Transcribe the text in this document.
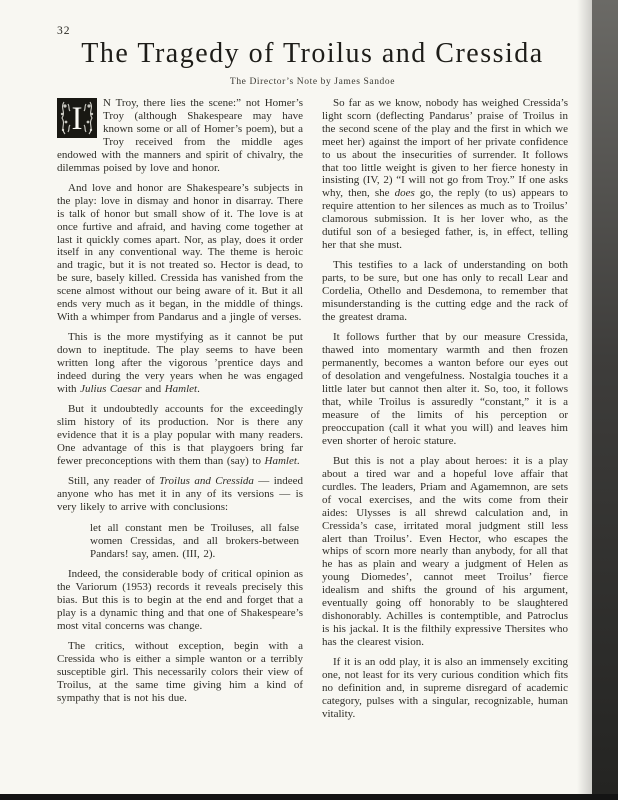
32
The Tragedy of Troilus and Cressida
The Director’s Note by James Sandoe

I N Troy, there lies the scene:” not Homer’s Troy (although Shakespeare may have known some or all of Homer’s poem), but a Troy received from the middle ages endowed with the manners and spirit of chivalry, the dilemmas poised by love and honor.

And love and honor are Shakespeare’s subjects in the play: love in dismay and honor in disarray. There is talk of honor but small show of it. The love is at once furtive and afraid, and having come together at last it quickly comes apart. Nor, as play, does it order itself in any conventional way. The theme is heroic and tragic, but it is not treated so. Hector is dead, to be sure, basely killed. Cressida has vanished from the scene almost without our being aware of it. But it all ends very much as it began, in the middle of things. With a whimper from Pandarus and a jingle of verses.

This is the more mystifying as it cannot be put down to ineptitude. The play seems to have been written long after the vigorous ’prentice days and indeed during the very years when he was engaged with Julius Caesar and Hamlet.

But it undoubtedly accounts for the exceedingly slim history of its production. Nor is there any evidence that it is a play popular with many readers. One advantage of this is that playgoers bring far fewer preconceptions with them than (say) to Hamlet.

Still, any reader of Troilus and Cressida — indeed anyone who has met it in any of its versions — is very likely to arrive with conclusions:

let all constant men be Troiluses, all false women Cressidas, and all brokers-between Pandars! say, amen. (III, 2).

Indeed, the considerable body of critical opinion as the Variorum (1953) records it reveals precisely this bias. But this is to begin at the end and forget that a play is a dynamic thing and that one of Shakespeare’s most vital concerns was change.

The critics, without exception, begin with a Cressida who is either a simple wanton or a terribly susceptible girl. This necessarily colors their view of Troilus, at the same time giving him a kind of sympathy that is not his due.

So far as we know, nobody has weighed Cressida’s light scorn (deflecting Pandarus’ praise of Troilus in the second scene of the play and the first in which we meet her) against the import of her private confidence to us about the insecurities of surrender. It follows that too little weight is given to her fierce honesty in insisting (IV, 2) “I will not go from Troy.” If one asks why, then, she does go, the reply (to us) appears to require attention to her silences as much as to Troilus’ clamorous submission. It is her lover who, as the dutiful son of a besieged father, is, in effect, telling her that she must.

This testifies to a lack of understanding on both parts, to be sure, but one has only to recall Lear and Cordelia, Othello and Desdemona, to remember that misunderstanding is the cutting edge and the rack of the greatest drama.

It follows further that by our measure Cressida, thawed into momentary warmth and then frozen permanently, becomes a wanton before our eyes out of desolation and vengefulness. Nostalgia touches it a little later but cannot then alter it. So, too, it follows that, while Troilus is assuredly “constant,” it is a measure of the limits of his perception or preoccupation (call it what you will) and leaves him even shorter of heroic stature.

But this is not a play about heroes: it is a play about a tired war and a hopeful love affair that curdles. The leaders, Priam and Agamemnon, are sets of vocal exercises, and the wits come from their aides: Ulysses is all shrewd calculation and, in Cressida’s case, irritated moral judgment still less alert than Troilus’. Even Hector, who escapes the whips of scorn more nearly than anybody, for all that he has as plain and weary a judgment of Helen as young Diomedes’, cannot meet Troilus’ fierce idealism and shifts the ground of his argument, eventually going off honorably to be slaughtered dishonorably. Achilles is contemptible, and Patroclus is his jackal. It is the filthily expressive Thersites who has the clearest vision.

If it is an odd play, it is also an immensely exciting one, not least for its very curious condition which fits no definition and, in supreme disregard of academic category, pulses with a singular, recognizable, human vitality.
